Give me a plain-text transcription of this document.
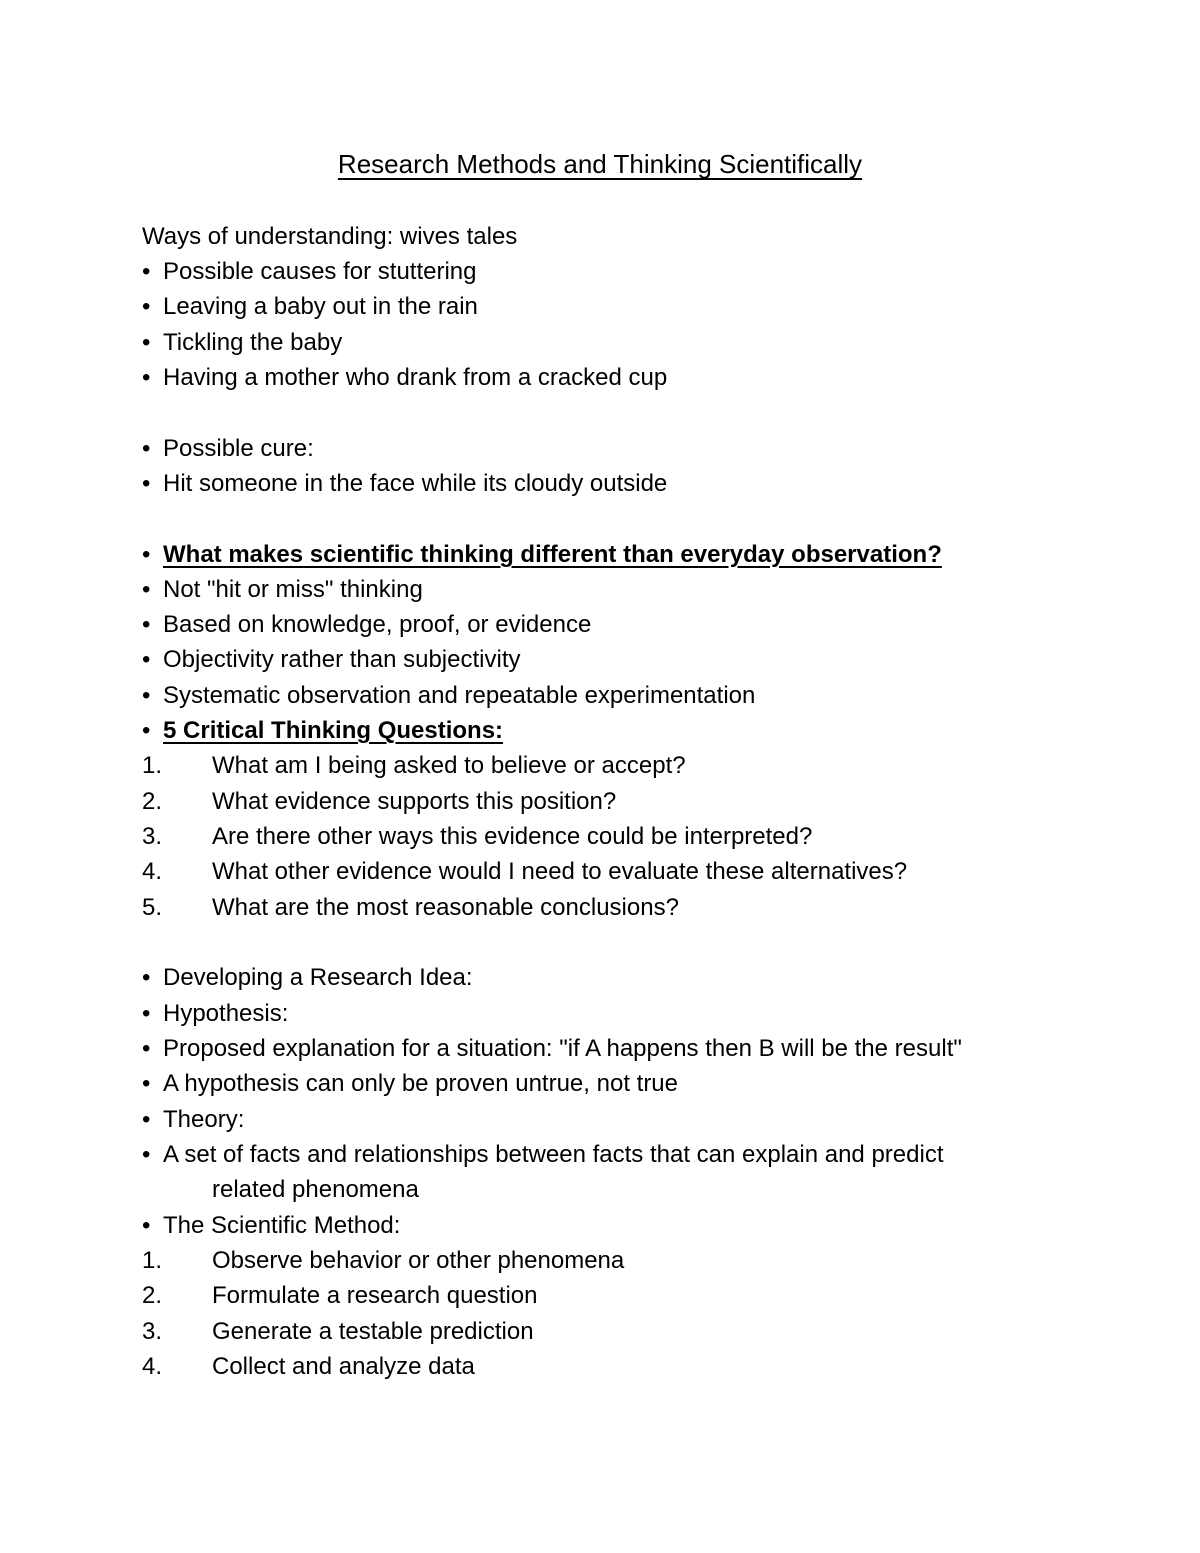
Research Methods and Thinking Scientifically
Ways of understanding: wives tales
• Possible causes for stuttering
• Leaving a baby out in the rain
• Tickling the baby
• Having a mother who drank from a cracked cup
• Possible cure:
• Hit someone in the face while its cloudy outside
• What makes scientific thinking different than everyday observation?
• Not "hit or miss" thinking
• Based on knowledge, proof, or evidence
• Objectivity rather than subjectivity
• Systematic observation and repeatable experimentation
• 5 Critical Thinking Questions:
1. What am I being asked to believe or accept?
2. What evidence supports this position?
3. Are there other ways this evidence could be interpreted?
4. What other evidence would I need to evaluate these alternatives?
5. What are the most reasonable conclusions?
• Developing a Research Idea:
• Hypothesis:
• Proposed explanation for a situation: "if A happens then B will be the result"
• A hypothesis can only be proven untrue, not true
• Theory:
• A set of facts and relationships between facts that can explain and predict
related phenomena
• The Scientific Method:
1. Observe behavior or other phenomena
2. Formulate a research question
3. Generate a testable prediction
4. Collect and analyze data
